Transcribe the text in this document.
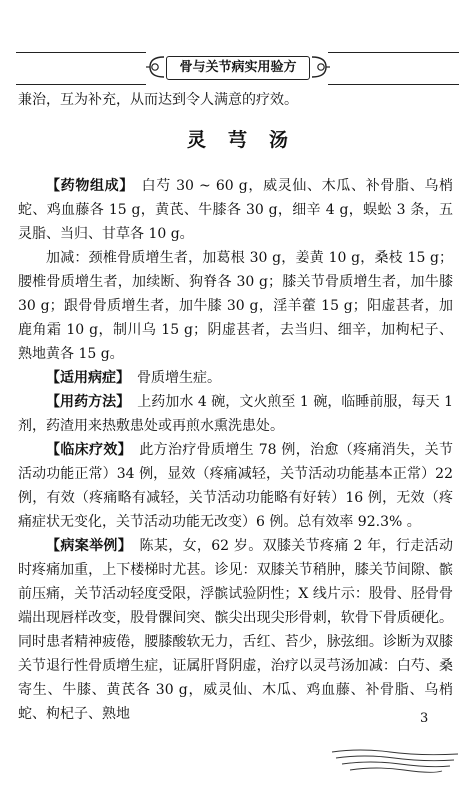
骨与关节病实用验方

兼治，互为补充，从而达到令人满意的疗效。

灵芎汤

【药物组成】　 白芍 30 ~ 60 g，威灵仙、木瓜、补骨脂、乌梢蛇、鸡血藤各 15 g，黄芪、牛膝各 30 g，细辛 4 g，蜈蚣 3 条，五灵脂、当归、甘草各 10 g。

加减：颈椎骨质增生者，加葛根 30 g，姜黄 10 g，桑枝 15 g；腰椎骨质增生者，加续断、狗脊各 30 g；膝关节骨质增生者，加牛膝 30 g；跟骨骨质增生者，加牛膝 30 g，淫羊藿 15 g；阳虚甚者，加鹿角霜 10 g，制川乌 15 g；阴虚甚者，去当归、细辛，加枸杞子、熟地黄各 15 g。

【适用病症】　 骨质增生症。

【用药方法】　 上药加水 4 碗，文火煎至 1 碗，临睡前服，每天 1 剂，药渣用来热敷患处或再煎水熏洗患处。

【临床疗效】　 此方治疗骨质增生 78 例，治愈（疼痛消失，关节活动功能正常）34 例，显效（疼痛减轻，关节活动功能基本正常）22 例，有效（疼痛略有减轻，关节活动功能略有好转）16 例，无效（疼痛症状无变化，关节活动功能无改变）6 例。总有效率 92.3% 。

【病案举例】　 陈某，女，62 岁。双膝关节疼痛 2 年，行走活动时疼痛加重，上下楼梯时尤甚。诊见：双膝关节稍肿，膝关节间隙、髌前压痛，关节活动轻度受限，浮髌试验阴性；X 线片示：股骨、胫骨骨端出现唇样改变，股骨髁间突、髌尖出现尖形骨刺，软骨下骨质硬化。同时患者精神疲倦，腰膝酸软无力，舌红、苔少，脉弦细。诊断为双膝关节退行性骨质增生症，证属肝肾阴虚，治疗以灵芎汤加减：白芍、桑寄生、牛膝、黄芪各 30 g，威灵仙、木瓜、鸡血藤、补骨脂、乌梢蛇、枸杞子、熟地	3
